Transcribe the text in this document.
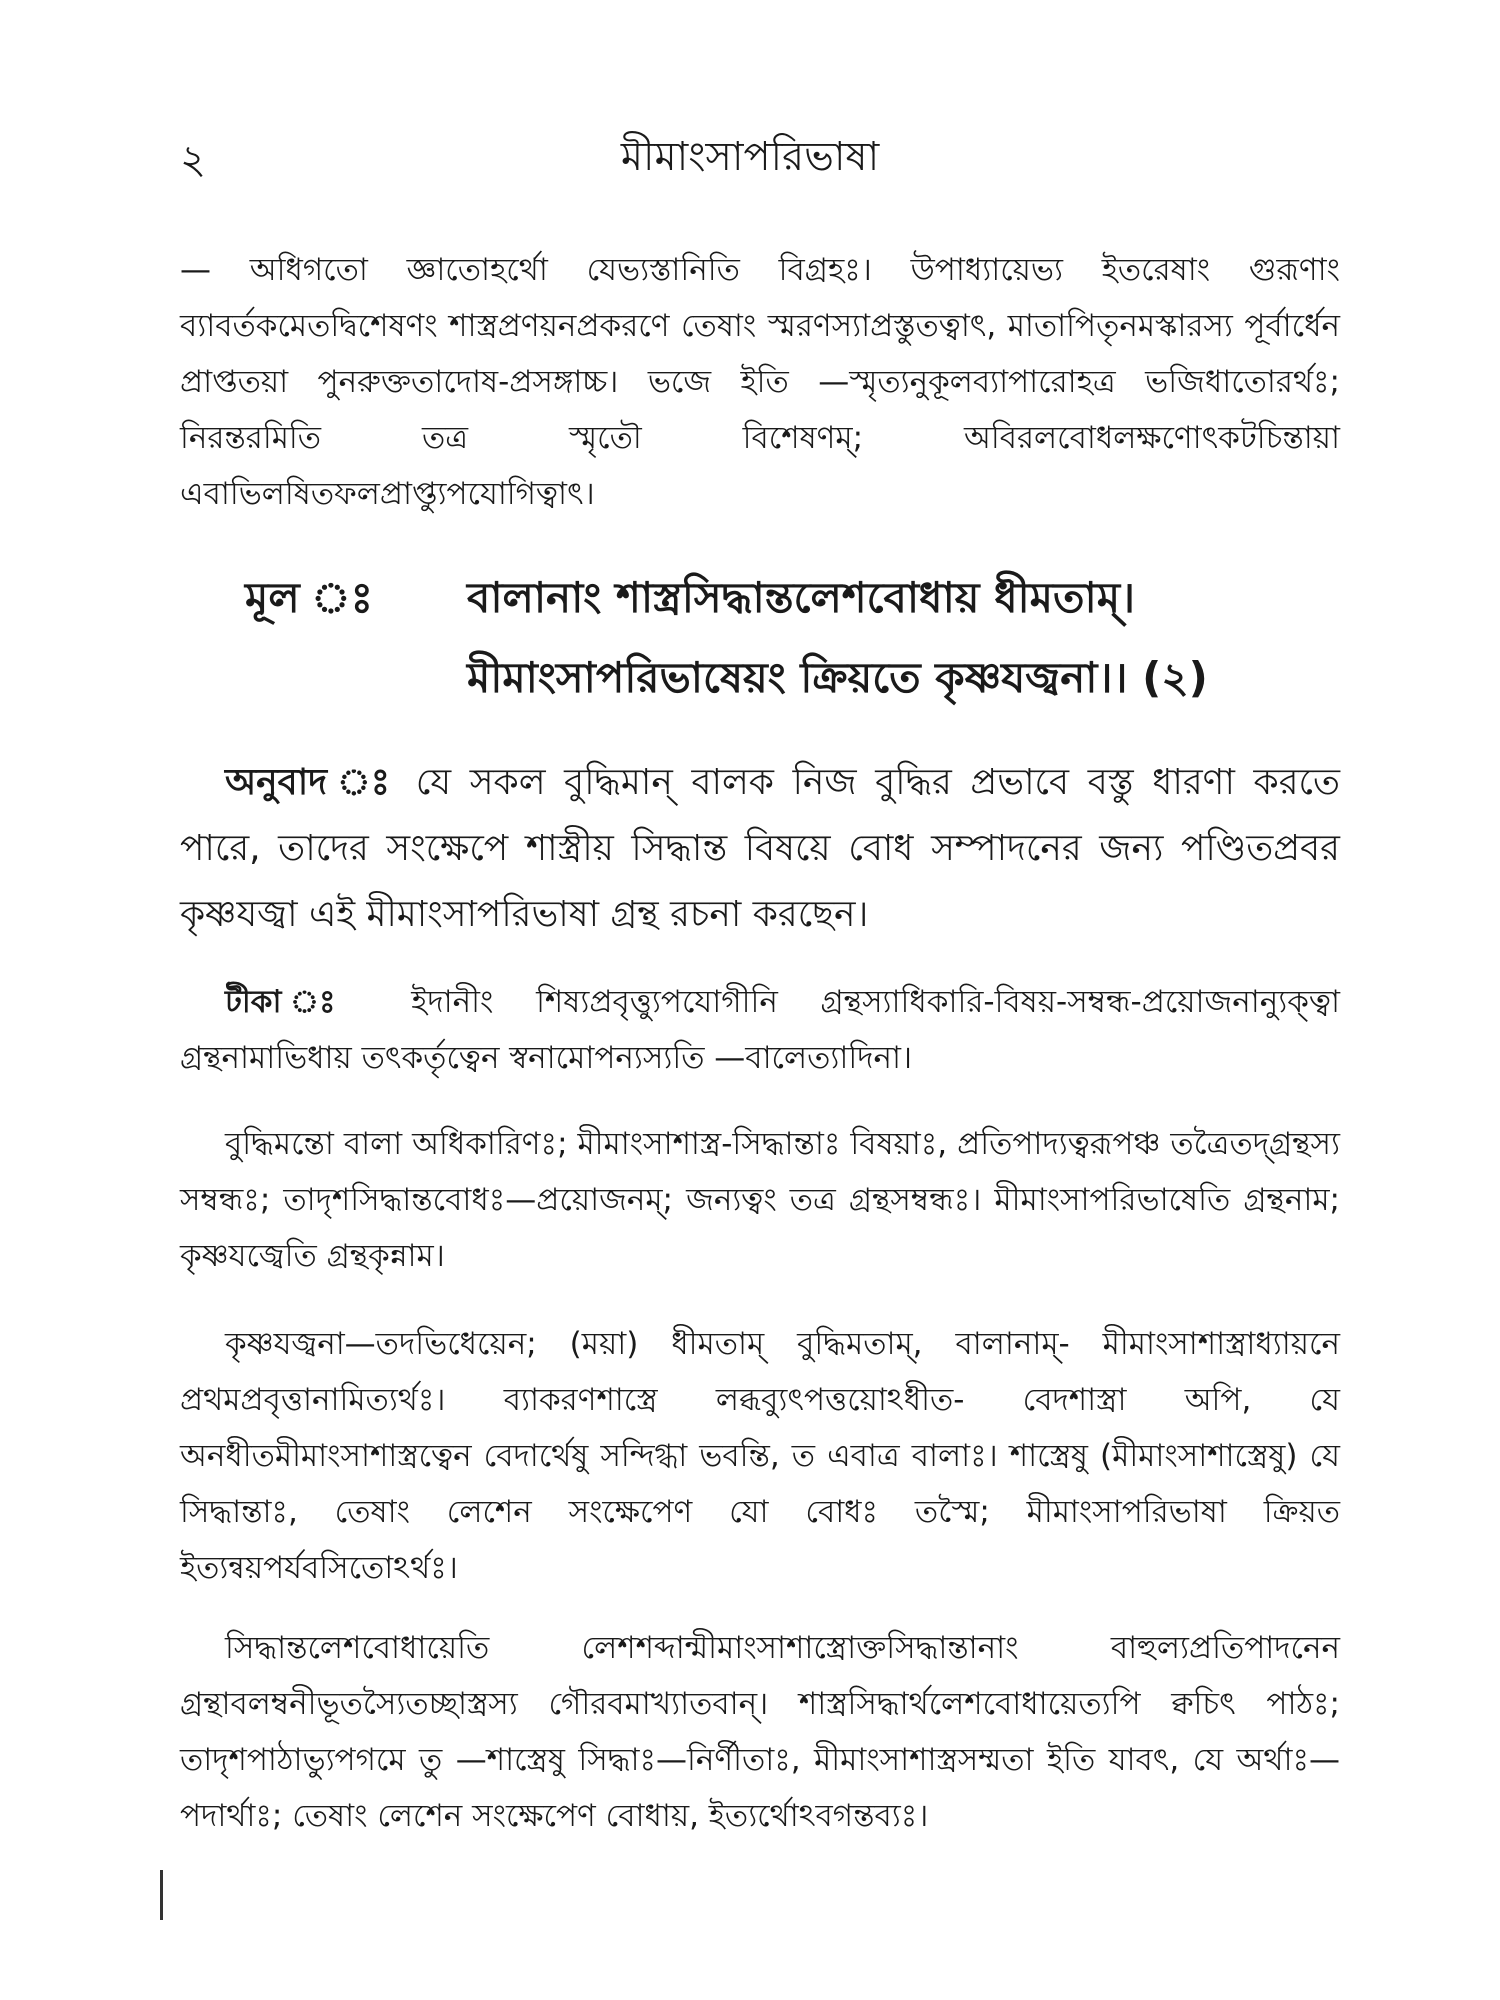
২	মীমাংসাপরিভাষা

— অধিগতো জ্ঞাতোহর্থো যেভ্যস্তানিতি বিগ্রহঃ। উপাধ্যায়েভ্য ইতরেষাং গুরূণাং ব্যাবর্তকমেতদ্বিশেষণং শাস্ত্রপ্রণয়নপ্রকরণে তেষাং স্মরণস্যাপ্রস্তুতত্বাৎ, মাতাপিতৃনমস্কারস্য পূর্বার্ধেন প্রাপ্ততয়া পুনরুক্ততাদোষ-প্রসঙ্গাচ্চ। ভজে ইতি —স্মৃত্যনুকূলব্যাপারোহত্র ভজিধাতোরর্থঃ; নিরন্তরমিতি তত্র স্মৃতৌ বিশেষণম্; অবিরলবোধলক্ষণোৎকটচিন্তায়া এবাভিলষিতফলপ্রাপ্ত্যুপযোগিত্বাৎ।

মূল ঃ	বালানাং শাস্ত্রসিদ্ধান্তলেশবোধায় ধীমতাম্।
মীমাংসাপরিভাষেয়ং ক্রিয়তে কৃষ্ণযজ্বনা।। (২)

অনুবাদ ঃ যে সকল বুদ্ধিমান্ বালক নিজ বুদ্ধির প্রভাবে বস্তু ধারণা করতে পারে, তাদের সংক্ষেপে শাস্ত্রীয় সিদ্ধান্ত বিষয়ে বোধ সম্পাদনের জন্য পণ্ডিতপ্রবর কৃষ্ণযজ্বা এই মীমাংসাপরিভাষা গ্রন্থ রচনা করছেন।

টীকা ঃ ইদানীং শিষ্যপ্রবৃত্ত্যুপযোগীনি গ্রন্থস্যাধিকারি-বিষয়-সম্বন্ধ-প্রয়োজনান্যুক্ত্বা গ্রন্থনামাভিধায় তৎকর্তৃত্বেন স্বনামোপন্যস্যতি —বালেত্যাদিনা।

বুদ্ধিমন্তো বালা অধিকারিণঃ; মীমাংসাশাস্ত্র-সিদ্ধান্তাঃ বিষয়াঃ, প্রতিপাদ্যত্বরূপঞ্চ তত্রৈতদ্গ্রন্থস্য সম্বন্ধঃ; তাদৃশসিদ্ধান্তবোধঃ—প্রয়োজনম্; জন্যত্বং তত্র গ্রন্থসম্বন্ধঃ। মীমাংসাপরিভাষেতি গ্রন্থনাম; কৃষ্ণযজ্বেতি গ্রন্থকৃন্নাম।

কৃষ্ণযজ্বনা—তদভিধেয়েন; (ময়া) ধীমতাম্ বুদ্ধিমতাম্, বালানাম্- মীমাংসাশাস্ত্রাধ্যায়নে প্রথমপ্রবৃত্তানামিত্যর্থঃ। ব্যাকরণশাস্ত্রে লব্ধব্যুৎপত্তয়োঽধীত- বেদশাস্ত্রা অপি, যে অনধীতমীমাংসাশাস্ত্রত্বেন বেদার্থেষু সন্দিগ্ধা ভবন্তি, ত এবাত্র বালাঃ। শাস্ত্রেষু (মীমাংসাশাস্ত্রেষু) যে সিদ্ধান্তাঃ, তেষাং লেশেন সংক্ষেপেণ যো বোধঃ তস্মৈ; মীমাংসাপরিভাষা ক্রিয়ত ইত্যন্বয়পর্যবসিতোঽর্থঃ।

সিদ্ধান্তলেশবোধায়েতি লেশশব্দান্মীমাংসাশাস্ত্রোক্তসিদ্ধান্তানাং বাহুল্যপ্রতিপাদনেন গ্রন্থাবলম্বনীভূতস্যৈতচ্ছাস্ত্রস্য গৌরবমাখ্যাতবান্। শাস্ত্রসিদ্ধার্থলেশবোধায়েত্যপি ক্বচিৎ পাঠঃ; তাদৃশপাঠাভ্যুপগমে তু —শাস্ত্রেষু সিদ্ধাঃ—নির্ণীতাঃ, মীমাংসাশাস্ত্রসম্মতা ইতি যাবৎ, যে অর্থাঃ—পদার্থাঃ; তেষাং লেশেন সংক্ষেপেণ বোধায়, ইত্যর্থোঽবগন্তব্যঃ।
